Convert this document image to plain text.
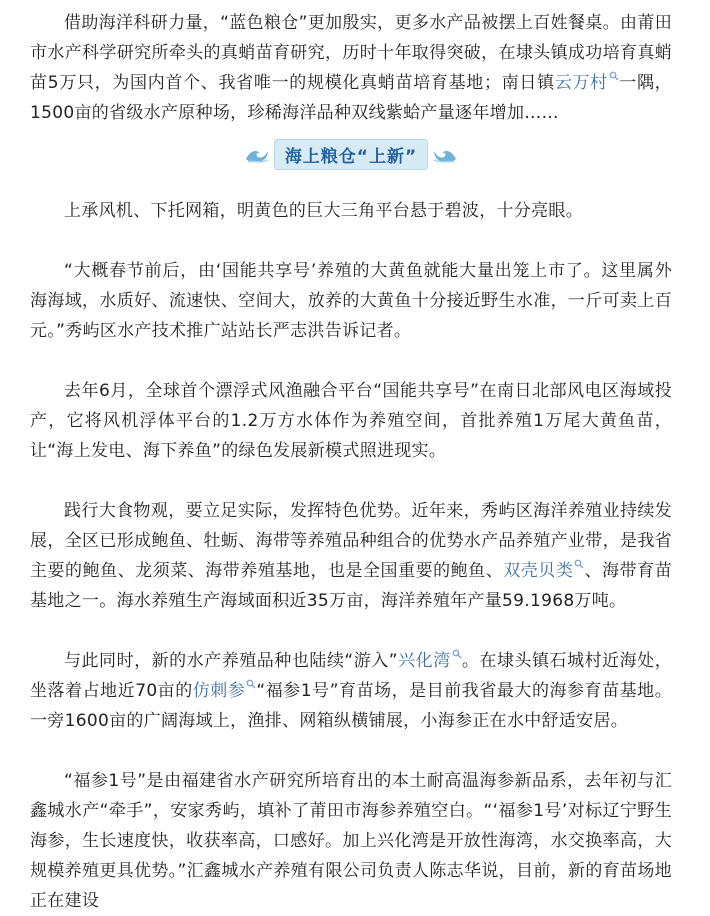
借助海洋科研力量，“蓝色粮仓”更加殷实，更多水产品被摆上百姓餐桌。由莆田市水产科学研究所牵头的真蛸苗育研究，历时十年取得突破，在埭头镇成功培育真蛸苗5万只，为国内首个、我省唯一的规模化真蛸苗培育基地；南日镇云万村 一隅，1500亩的省级水产原种场，珍稀海洋品种双线紫蛤产量逐年增加……

海上粮仓“上新”

上承风机、下托网箱，明黄色的巨大三角平台悬于碧波，十分亮眼。

“大概春节前后，由‘国能共享号’养殖的大黄鱼就能大量出笼上市了。这里属外海海域，水质好、流速快、空间大，放养的大黄鱼十分接近野生水准，一斤可卖上百元。”秀屿区水产技术推广站站长严志洪告诉记者。

去年6月，全球首个漂浮式风渔融合平台“国能共享号”在南日北部风电区海域投产，它将风机浮体平台的1.2万方水体作为养殖空间，首批养殖1万尾大黄鱼苗，让“海上发电、海下养鱼”的绿色发展新模式照进现实。

践行大食物观，要立足实际，发挥特色优势。近年来，秀屿区海洋养殖业持续发展，全区已形成鲍鱼、牡蛎、海带等养殖品种组合的优势水产品养殖产业带，是我省主要的鲍鱼、龙须菜、海带养殖基地，也是全国重要的鲍鱼、双壳贝类 、海带育苗基地之一。海水养殖生产海域面积近35万亩，海洋养殖年产量59.1968万吨。

与此同时，新的水产养殖品种也陆续“游入”兴化湾 。在埭头镇石城村近海处，坐落着占地近70亩的仿刺参 “福参1号”育苗场，是目前我省最大的海参育苗基地。一旁1600亩的广阔海域上，渔排、网箱纵横铺展，小海参正在水中舒适安居。

“福参1号”是由福建省水产研究所培育出的本土耐高温海参新品系，去年初与汇鑫城水产“牵手”，安家秀屿，填补了莆田市海参养殖空白。“‘福参1号’对标辽宁野生海参，生长速度快，收获率高，口感好。加上兴化湾是开放性海湾，水交换率高，大规模养殖更具优势。”汇鑫城水产养殖有限公司负责人陈志华说，目前，新的育苗场地正在建设
